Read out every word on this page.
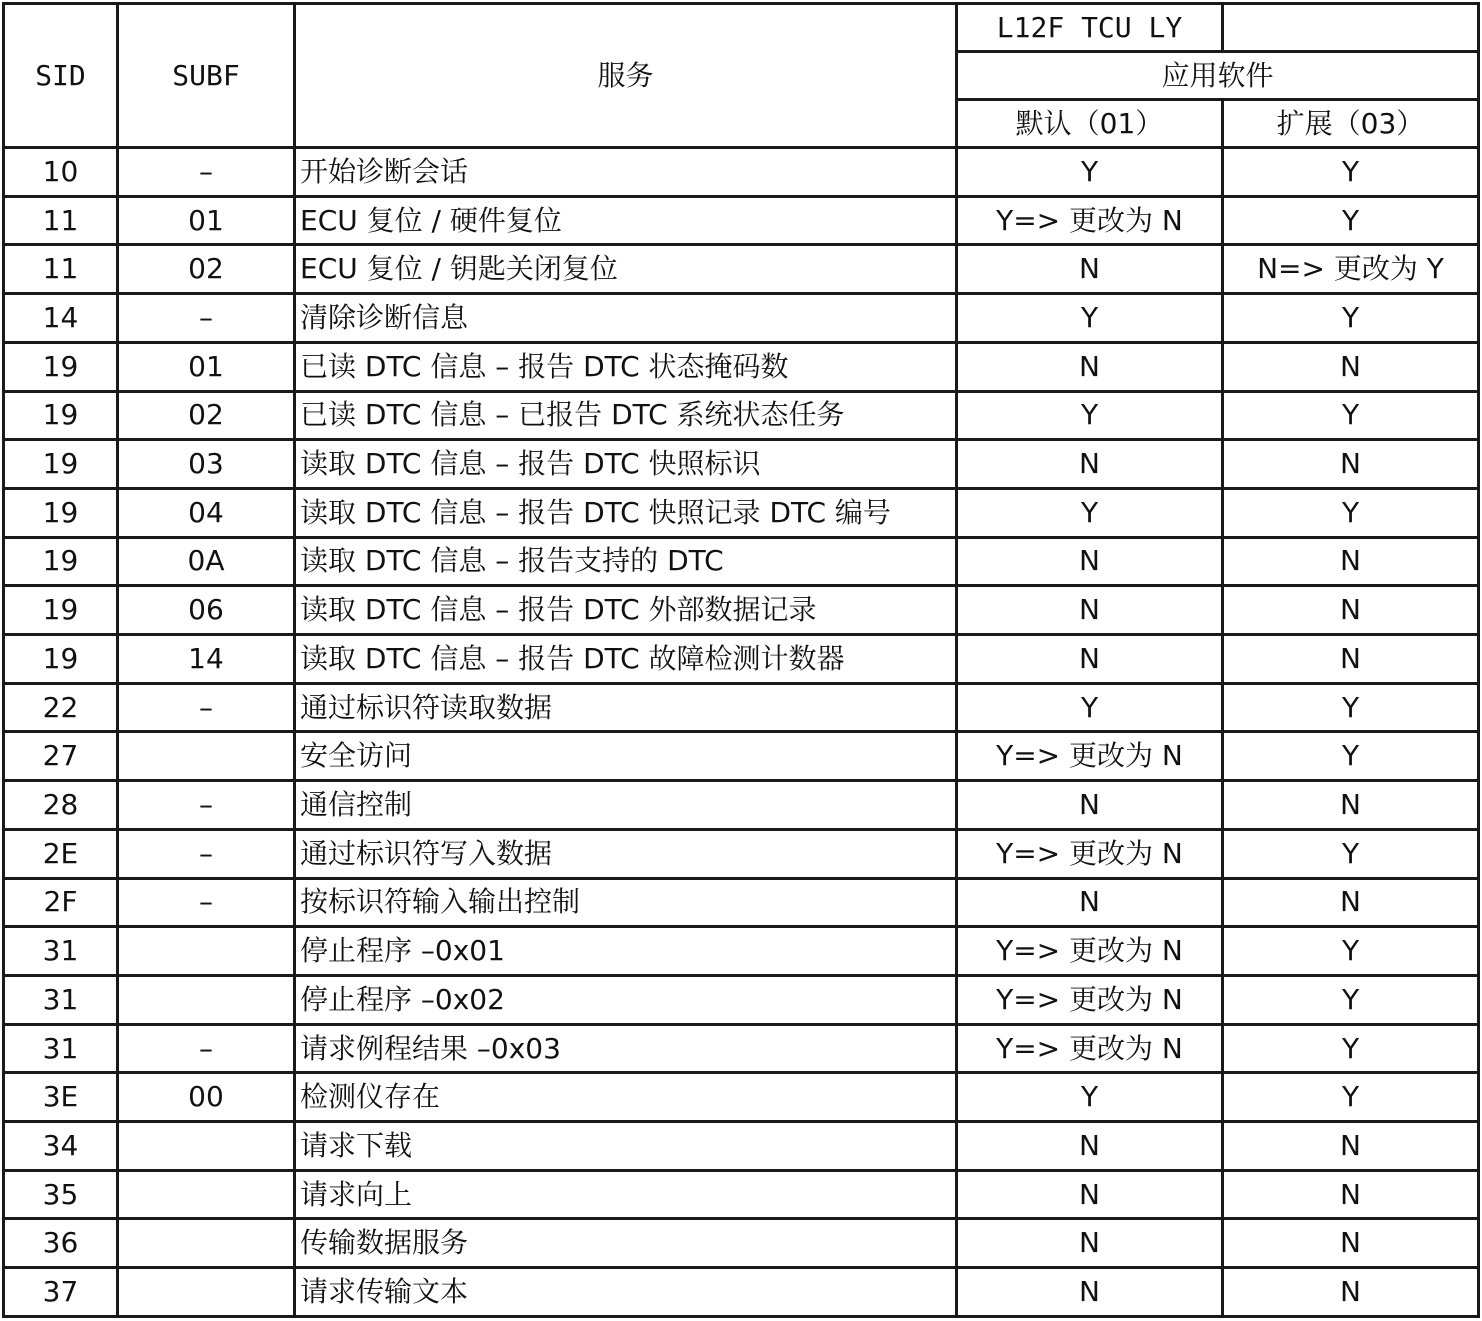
SID	SUBF	服务	L12F TCU LY	
			应用软件	
			默认（01）	扩展（03）
10	–	开始诊断会话	Y	Y
11	01	ECU 复位 / 硬件复位	Y=> 更改为 N	Y
11	02	ECU 复位 / 钥匙关闭复位	N	N=> 更改为 Y
14	–	清除诊断信息	Y	Y
19	01	已读 DTC 信息 – 报告 DTC 状态掩码数	N	N
19	02	已读 DTC 信息 – 已报告 DTC 系统状态任务	Y	Y
19	03	读取 DTC 信息 – 报告 DTC 快照标识	N	N
19	04	读取 DTC 信息 – 报告 DTC 快照记录 DTC 编号	Y	Y
19	0A	读取 DTC 信息 – 报告支持的 DTC	N	N
19	06	读取 DTC 信息 – 报告 DTC 外部数据记录	N	N
19	14	读取 DTC 信息 – 报告 DTC 故障检测计数器	N	N
22	–	通过标识符读取数据	Y	Y
27		安全访问	Y=> 更改为 N	Y
28	–	通信控制	N	N
2E	–	通过标识符写入数据	Y=> 更改为 N	Y
2F	–	按标识符输入输出控制	N	N
31		停止程序 –0x01	Y=> 更改为 N	Y
31		停止程序 –0x02	Y=> 更改为 N	Y
31	–	请求例程结果 –0x03	Y=> 更改为 N	Y
3E	00	检测仪存在	Y	Y
34		请求下载	N	N
35		请求向上	N	N
36		传输数据服务	N	N
37		请求传输文本	N	N
